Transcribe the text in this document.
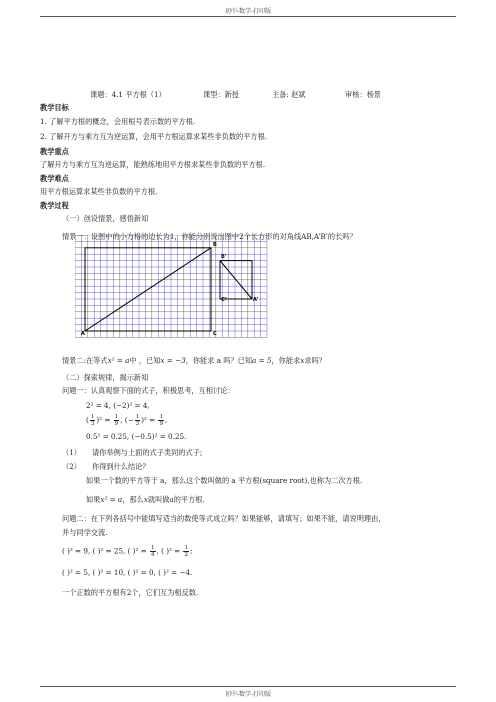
初中-数学-打印版
课题：4.1 平方根（1）	课型：新授	主备: 赵斌	审核：杨景
教学目标
1. 了解平方根的概念，会用根号表示数的平方根.
2. 了解开方与乘方互为逆运算，会用平方根运算求某些非负数的平方根.
教学重点
了解开方与乘方互为逆运算，能熟练地用平方根求某些非负数的平方根.
教学难点
用平方根运算求某些非负数的平方根.
教学过程
（一）创设情景，感悟新知
情景一：设图中的小方格的边长为1，你能分别说出图中2个长方形的对角线AB,A’B’的长吗？
A
B
C
B’
C’	A’
情景二:在等式x² = a中 ，已知x = −3，你能求 a 吗？已知a = 5，你能求x求吗？
（二）探索规律，揭示新知
问题一：认真观察下面的式子，积极思考，互相讨论：
2² = 4, (−2)² = 4,
( $\frac{1}{3} )^2 = \frac{1}{9}$ , (− $\frac{1}{3} )^2 = \frac{1}{9}$ ,
0.5² = 0.25, (−0.5)² = 0.25.
（1） 请你举例与上面的式子类同的式子;
（2） 你得到什么结论？
如果一个数的平方等于 a，那么这个数叫做的 a 平方根(square root),也称为二次方根.
如果x² = a，那么x就叫做a的平方根.
问题二：在下列各括号中能填写适当的数使等式成立吗？如果能够，请填写；如果不能，请说明理由，
并与同学交流.
( )² = 9, ( )² = 25, ( )$^2 = \frac{1}{4}$ , ( )$^2 = \frac{1}{2}$ ;
( )² = 5, ( )² = 10, ( )² = 0, ( )² = −4.
一个正数的平方根有2个，它们互为相反数.
初中-数学-打印版
